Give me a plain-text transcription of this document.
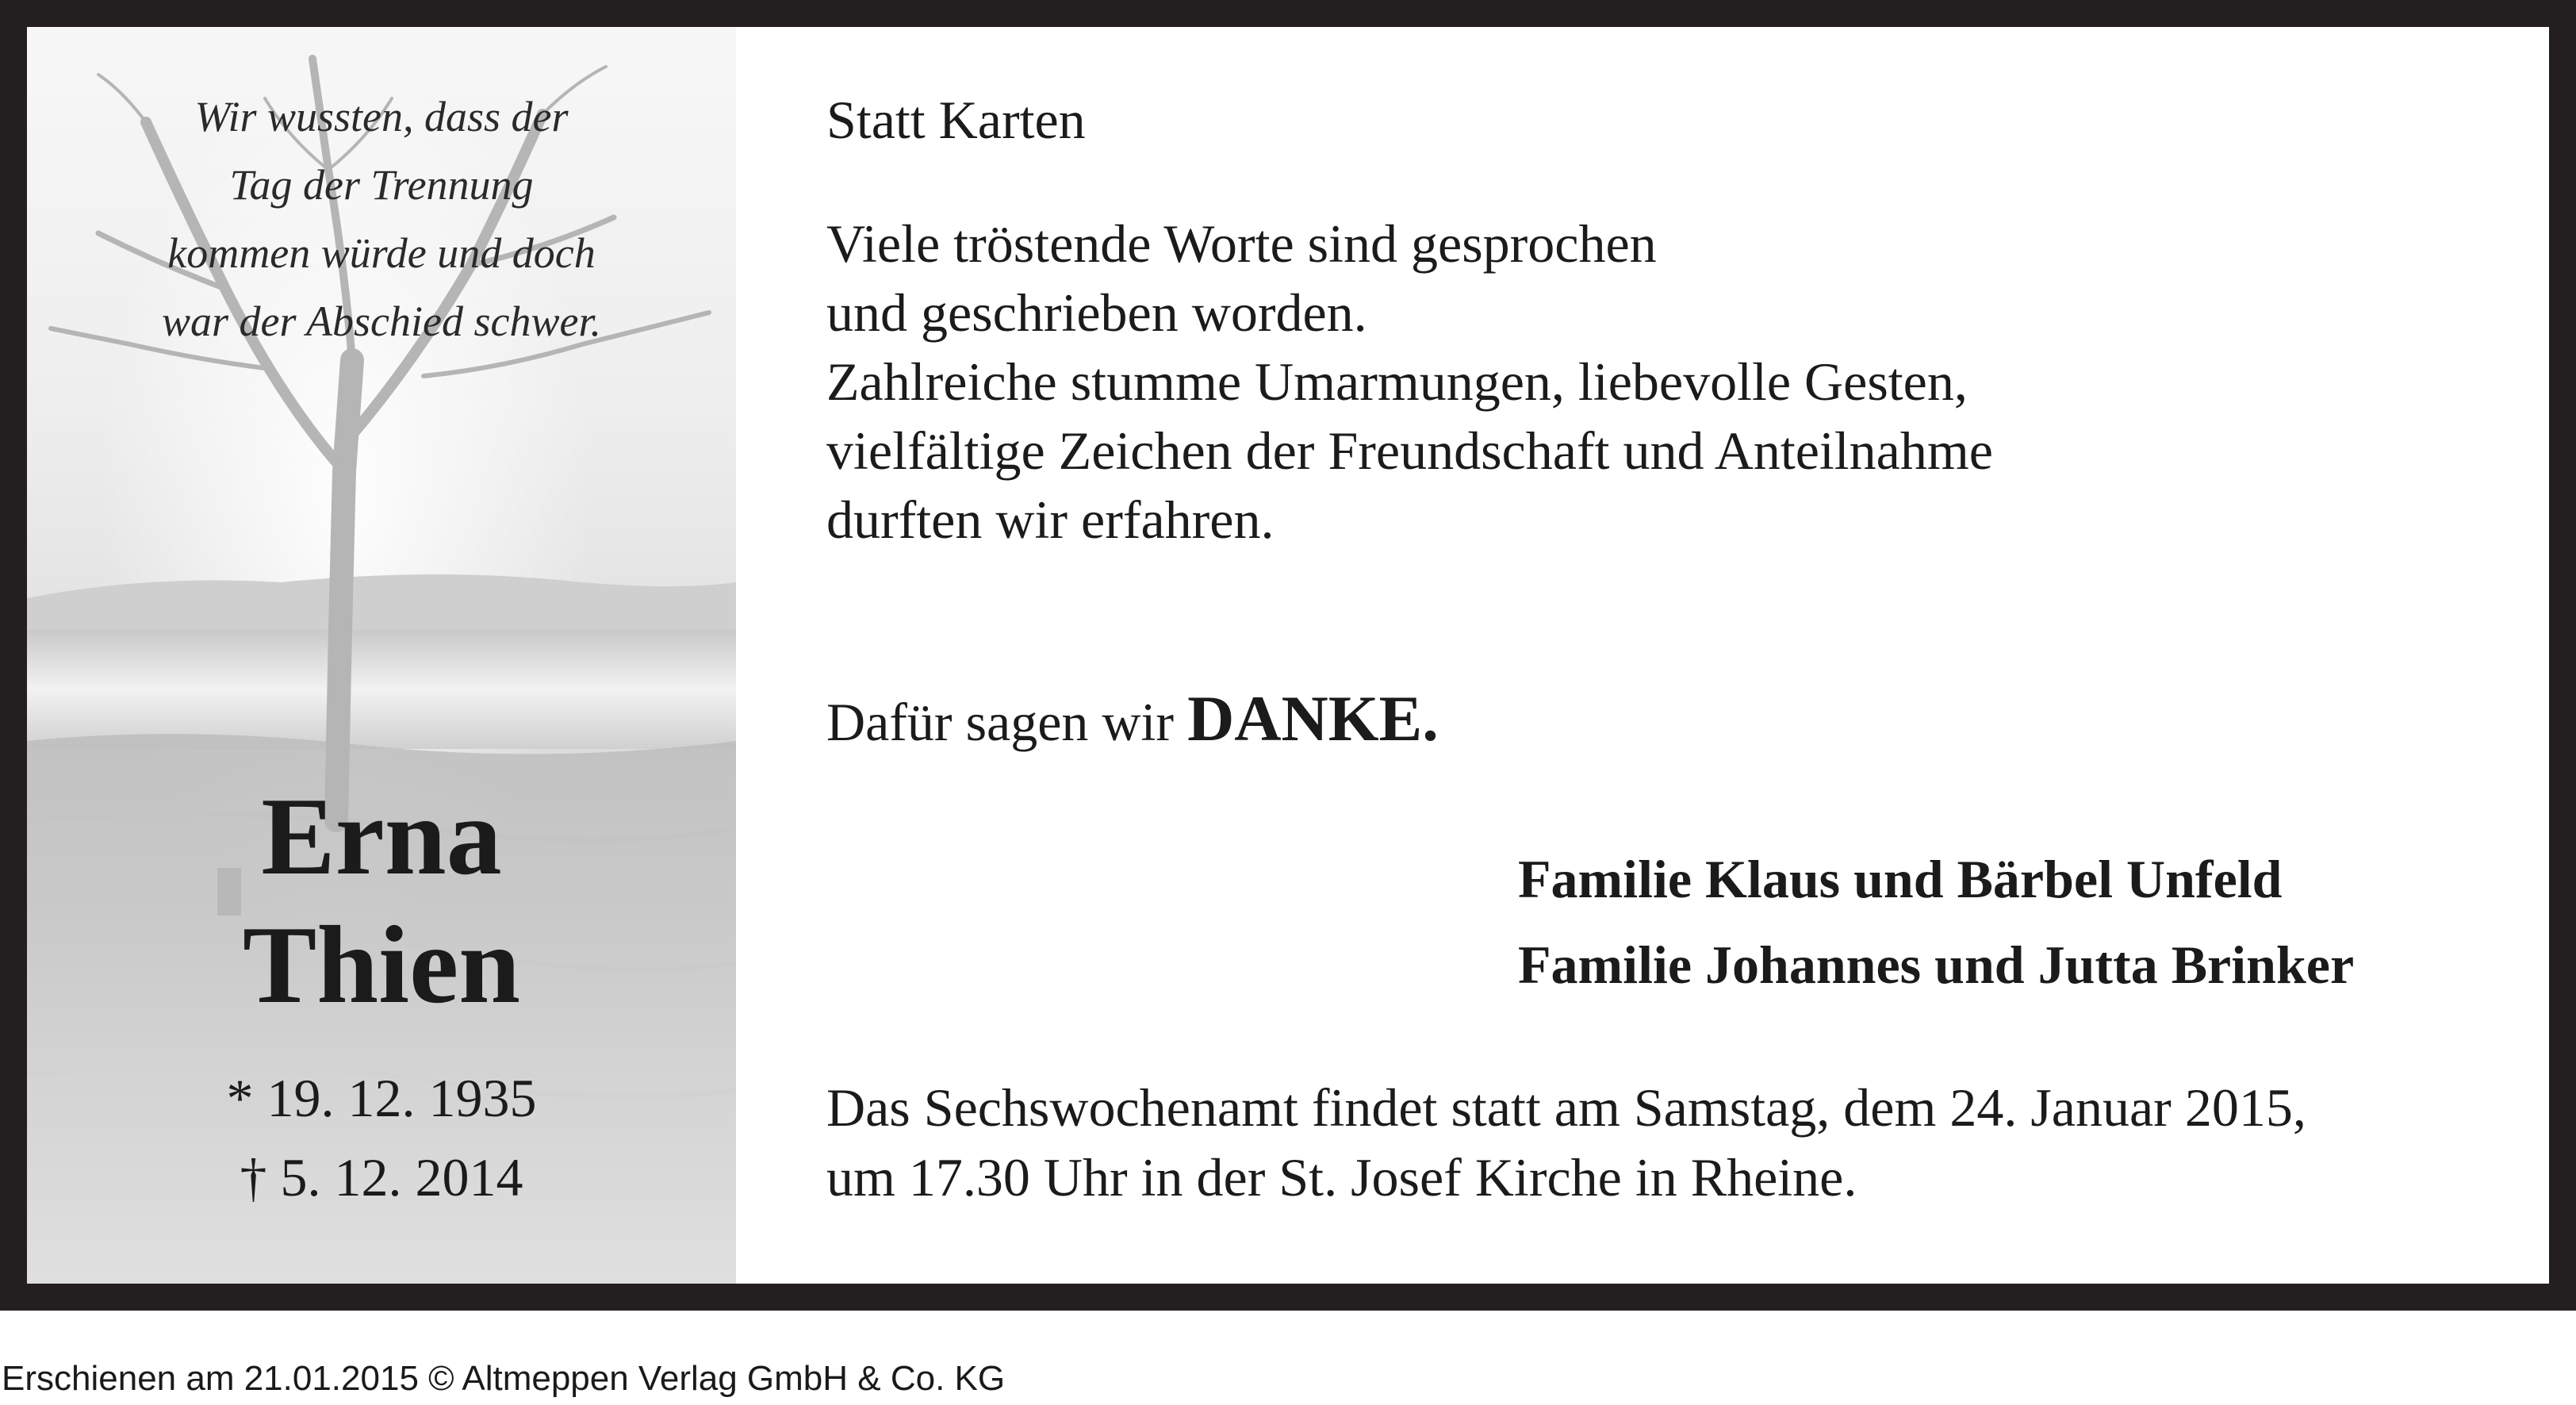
Wir wussten, dass der
Tag der Trennung
kommen würde und doch
war der Abschied schwer.
Erna
Thien
* 19. 12. 1935
† 5. 12. 2014
Statt Karten
Viele tröstende Worte sind gesprochen
und geschrieben worden.
Zahlreiche stumme Umarmungen, liebevolle Gesten,
vielfältige Zeichen der Freundschaft und Anteilnahme
durften wir erfahren.
Dafür sagen wir DANKE.
Familie Klaus und Bärbel Unfeld
Familie Johannes und Jutta Brinker
Das Sechswochenamt findet statt am Samstag, dem 24. Januar 2015,
um 17.30 Uhr in der St. Josef Kirche in Rheine.
Erschienen am 21.01.2015 © Altmeppen Verlag GmbH & Co. KG
